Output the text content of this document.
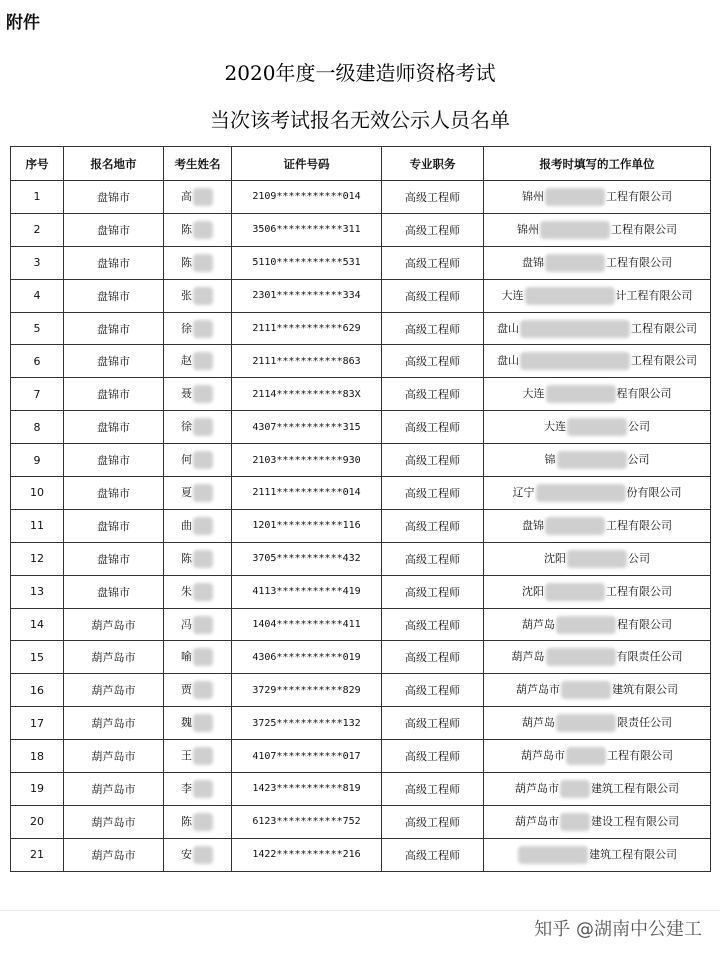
附件
2020年度一级建造师资格考试
当次该考试报名无效公示人员名单
序号	报名地市	考生姓名	证件号码	专业职务	报考时填写的工作单位
1	盘锦市	高	2109***********014	高级工程师	锦州 工程有限公司
2	盘锦市	陈	3506***********311	高级工程师	锦州 工程有限公司
3	盘锦市	陈	5110***********531	高级工程师	盘锦 工程有限公司
4	盘锦市	张	2301***********334	高级工程师	大连 计工程有限公司
5	盘锦市	徐	2111***********629	高级工程师	盘山 工程有限公司
6	盘锦市	赵	2111***********863	高级工程师	盘山 工程有限公司
7	盘锦市	聂	2114***********83X	高级工程师	大连 程有限公司
8	盘锦市	徐	4307***********315	高级工程师	大连 公司
9	盘锦市	何	2103***********930	高级工程师	锦 公司
10	盘锦市	夏	2111***********014	高级工程师	辽宁 份有限公司
11	盘锦市	曲	1201***********116	高级工程师	盘锦 工程有限公司
12	盘锦市	陈	3705***********432	高级工程师	沈阳 公司
13	盘锦市	朱	4113***********419	高级工程师	沈阳 工程有限公司
14	葫芦岛市	冯	1404***********411	高级工程师	葫芦岛 程有限公司
15	葫芦岛市	喻	4306***********019	高级工程师	葫芦岛 有限责任公司
16	葫芦岛市	贾	3729***********829	高级工程师	葫芦岛市 建筑有限公司
17	葫芦岛市	魏	3725***********132	高级工程师	葫芦岛 限责任公司
18	葫芦岛市	王	4107***********017	高级工程师	葫芦岛市 工程有限公司
19	葫芦岛市	李	1423***********819	高级工程师	葫芦岛市 建筑工程有限公司
20	葫芦岛市	陈	6123***********752	高级工程师	葫芦岛市 建设工程有限公司
21	葫芦岛市	安	1422***********216	高级工程师	建筑工程有限公司
知乎 @湖南中公建工
